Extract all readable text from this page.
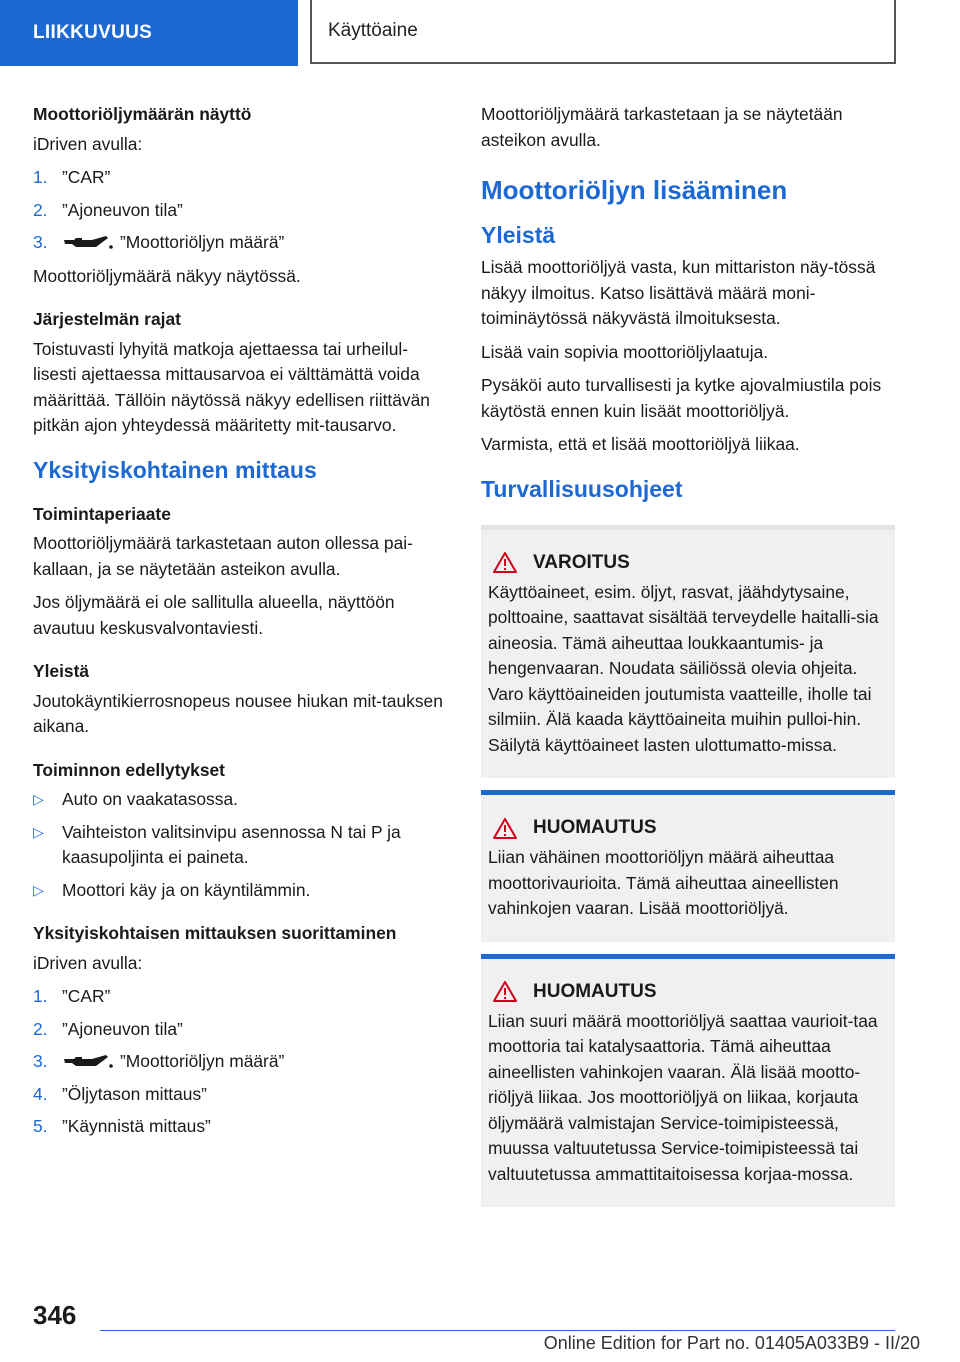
LIIKKUVUUS	Käyttöaine
Moottoriöljymäärän näyttö

iDriven avulla:

1. ”CAR”
2. ”Ajoneuvon tila”
3.	”Moottoriöljyn määrä”

Moottoriöljymäärä näkyy näytössä.

Järjestelmän rajat

Toistuvasti lyhyitä matkoja ajettaessa tai urheilul-lisesti ajettaessa mittausarvoa ei välttämättä voida määrittää. Tällöin näytössä näkyy edellisen riittävän pitkän ajon yhteydessä määritetty mit-tausarvo.

Yksityiskohtainen mittaus
Toimintaperiaate

Moottoriöljymäärä tarkastetaan auton ollessa pai-kallaan, ja se näytetään asteikon avulla.

Jos öljymäärä ei ole sallitulla alueella, näyttöön avautuu keskusvalvontaviesti.

Yleistä

Joutokäyntikierrosnopeus nousee hiukan mit-tauksen aikana.

Toiminnon edellytykset
▷	Auto on vaakatasossa.
▷	Vaihteiston valitsinvipu asennossa N tai P ja kaasupoljinta ei paineta.
▷	Moottori käy ja on käyntilämmin.
Yksityiskohtaisen mittauksen suorittaminen

iDriven avulla:

1. ”CAR”
2. ”Ajoneuvon tila”
3.	”Moottoriöljyn määrä”
4. ”Öljytason mittaus”
5. ”Käynnistä mittaus”

Moottoriöljymäärä tarkastetaan ja se näytetään asteikon avulla.

Moottoriöljyn lisääminen
Yleistä

Lisää moottoriöljyä vasta, kun mittariston näy-tössä näkyy ilmoitus. Katso lisättävä määrä moni-toiminäytössä näkyvästä ilmoituksesta.

Lisää vain sopivia moottoriöljylaatuja.

Pysäköi auto turvallisesti ja kytke ajovalmiustila pois käytöstä ennen kuin lisäät moottoriöljyä.

Varmista, että et lisää moottoriöljyä liikaa.

Turvallisuusohjeet
VAROITUS

Käyttöaineet, esim. öljyt, rasvat, jäähdytysaine, polttoaine, saattavat sisältää terveydelle haitalli-sia aineosia. Tämä aiheuttaa loukkaantumis- ja hengenvaaran. Noudata säiliössä olevia ohjeita. Varo käyttöaineiden joutumista vaatteille, iholle tai silmiin. Älä kaada käyttöaineita muihin pulloi-hin. Säilytä käyttöaineet lasten ulottumatto-missa.

HUOMAUTUS

Liian vähäinen moottoriöljyn määrä aiheuttaa moottorivaurioita. Tämä aiheuttaa aineellisten vahinkojen vaaran. Lisää moottoriöljyä.

HUOMAUTUS

Liian suuri määrä moottoriöljyä saattaa vaurioit-taa moottoria tai katalysaattoria. Tämä aiheuttaa aineellisten vahinkojen vaaran. Älä lisää mootto-riöljyä liikaa. Jos moottoriöljyä on liikaa, korjauta öljymäärä valmistajan Service-toimipisteessä, muussa valtuutetussa Service-toimipisteessä tai valtuutetussa ammattitaitoisessa korjaa-mossa.

346
Online Edition for Part no. 01405A033B9 - II/20
